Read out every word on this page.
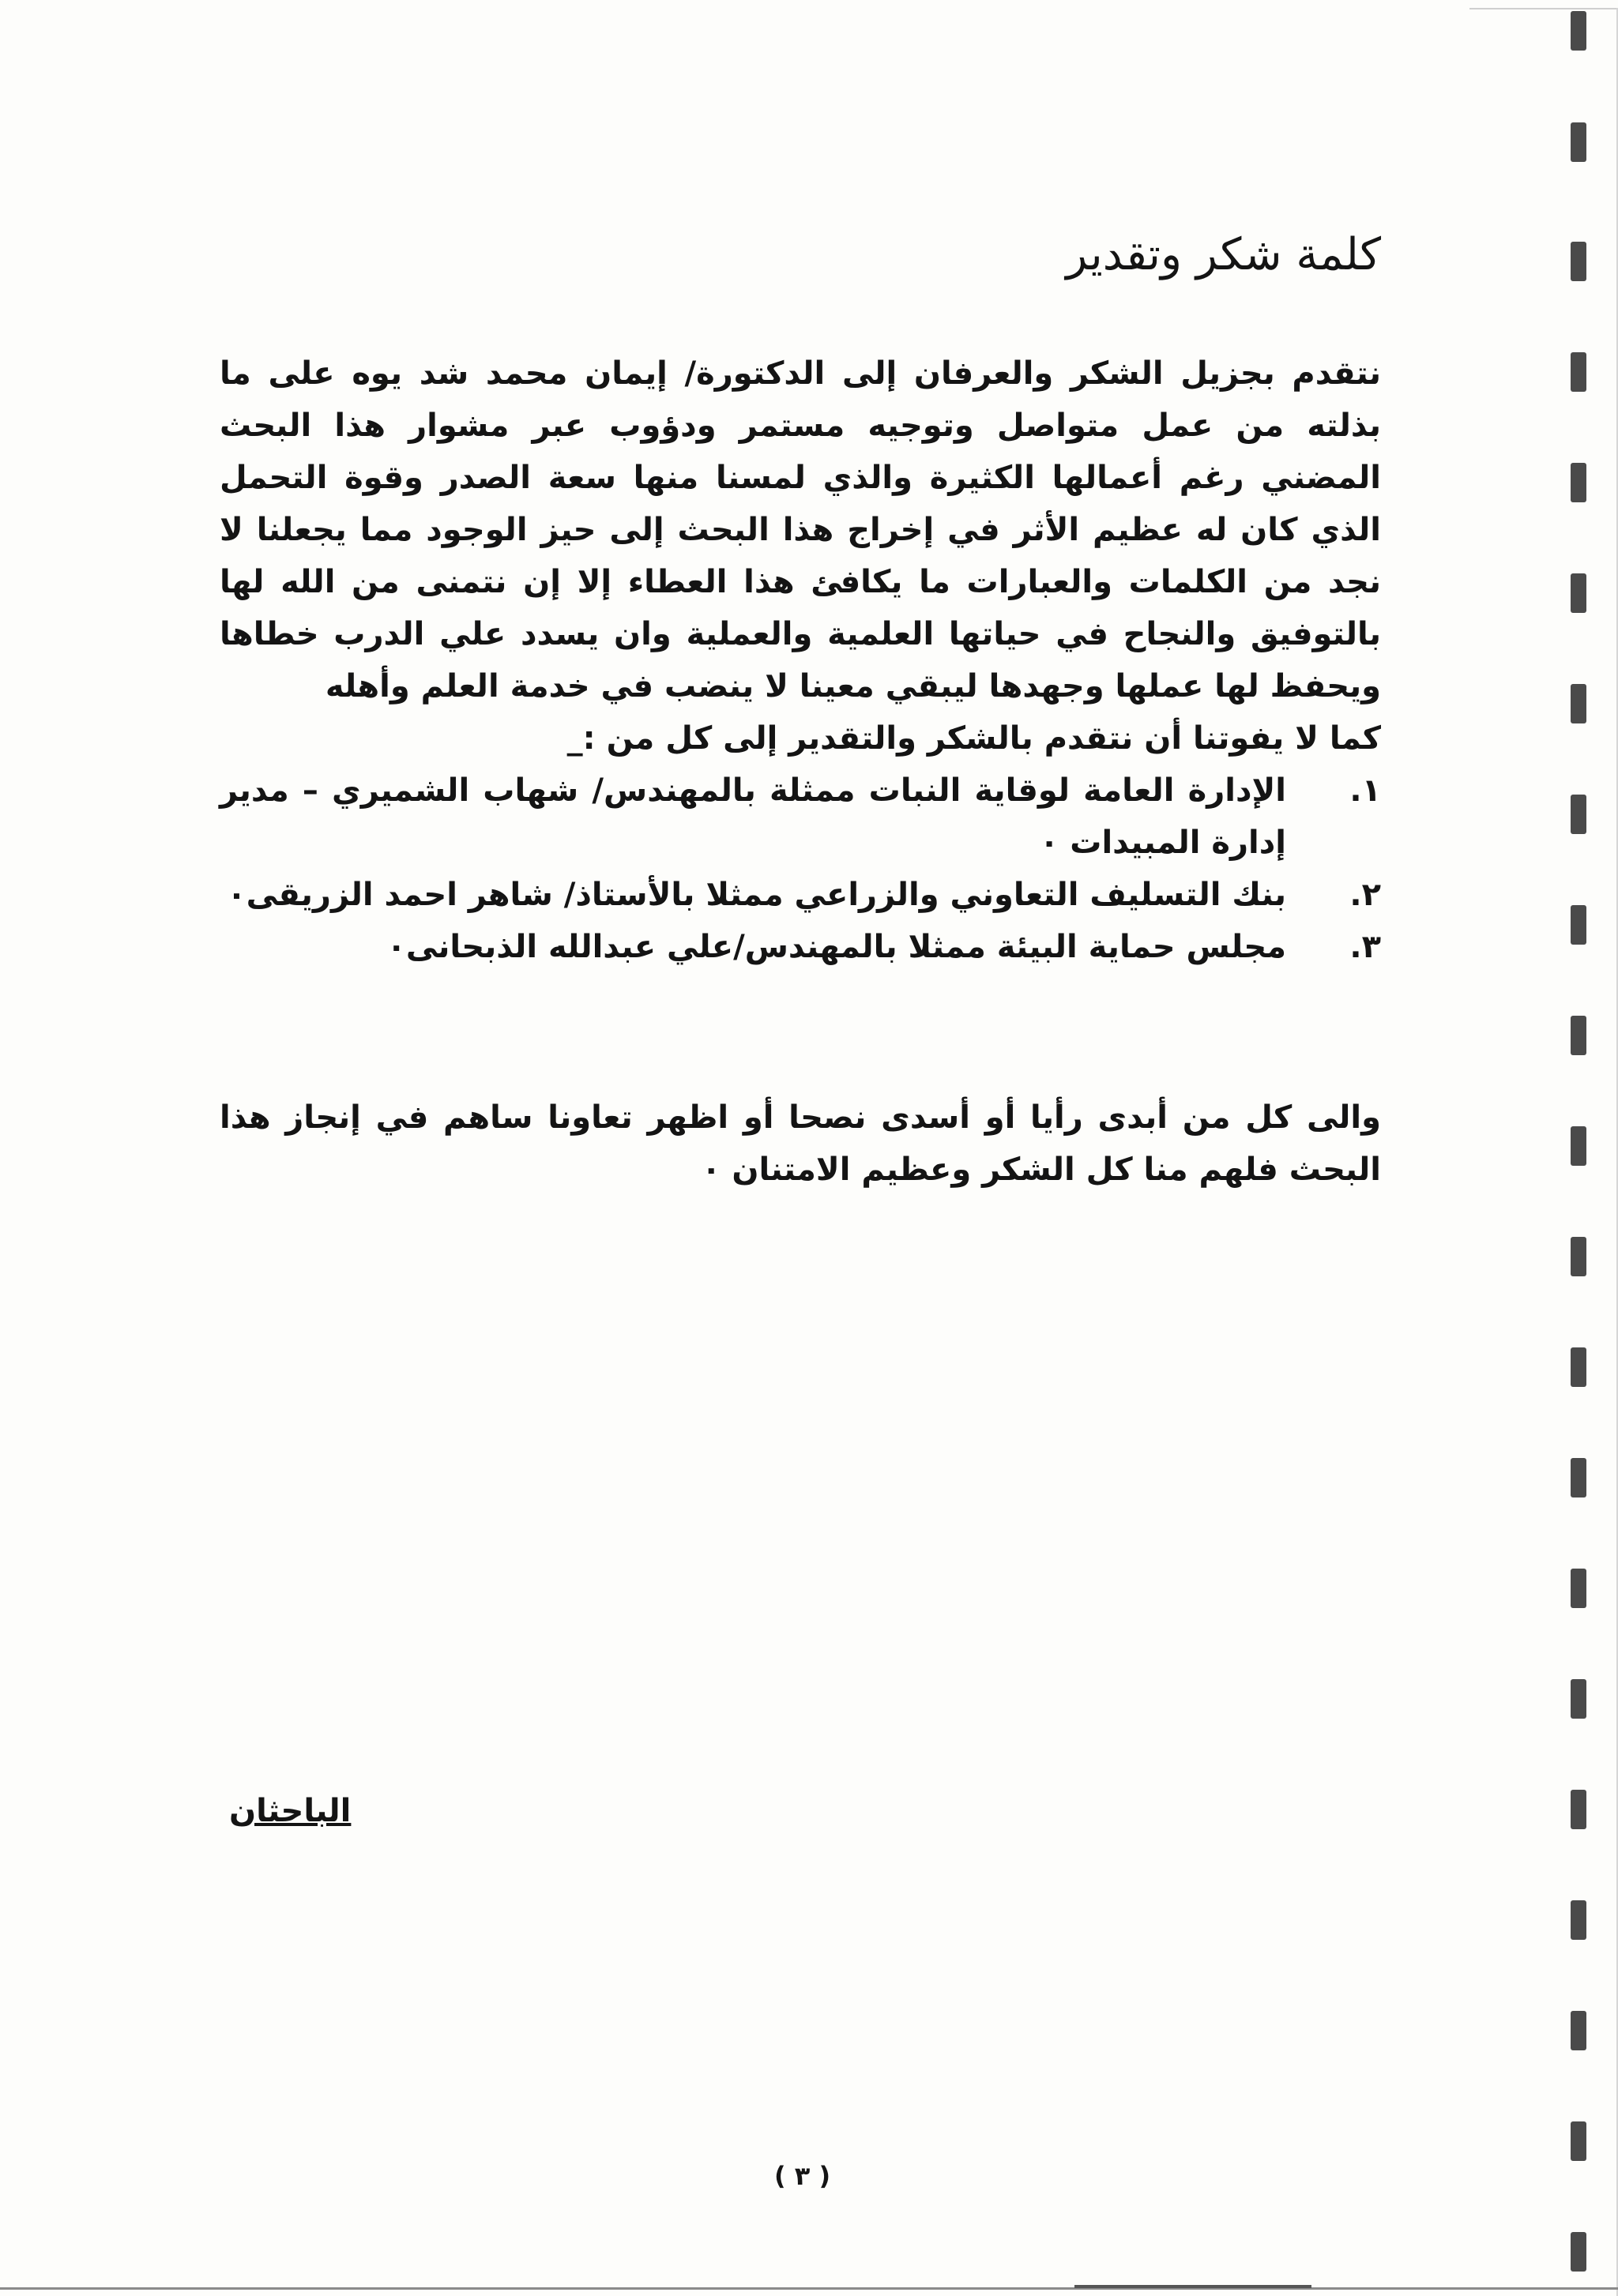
كلمة شكر وتقدير

نتقدم بجزيل الشكر والعرفان إلى الدكتورة/ إيمان محمد شد يوه على ما بذلته من عمل متواصل وتوجيه مستمر ودؤوب عبر مشوار هذا البحث المضني رغم أعمالها الكثيرة والذي لمسنا منها سعة الصدر وقوة التحمل الذي كان له عظيم الأثر في إخراج هذا البحث إلى حيز الوجود مما يجعلنا لا نجد من الكلمات والعبارات ما يكافئ هذا العطاء إلا إن نتمنى من الله لها بالتوفيق والنجاح في حياتها العلمية والعملية وان يسدد علي الدرب خطاها ويحفظ لها عملها وجهدها ليبقي معينا لا ينضب في خدمة العلم وأهله

كما لا يفوتنا أن نتقدم بالشكر والتقدير إلى كل من :_

١.
الإدارة العامة لوقاية النبات ممثلة بالمهندس/ شهاب الشميري – مدير إدارة المبيدات ٠
٢.
بنك التسليف التعاوني والزراعي ممثلا بالأستاذ/ شاهر احمد الزريقى٠
٣.
مجلس حماية البيئة ممثلا بالمهندس/علي عبدالله الذبحانى٠

والى كل من أبدى رأيا أو أسدى نصحا أو اظهر تعاونا ساهم في إنجاز هذا البحث فلهم منا كل الشكر وعظيم الامتنان ٠

الباحثان
( ٣ )
